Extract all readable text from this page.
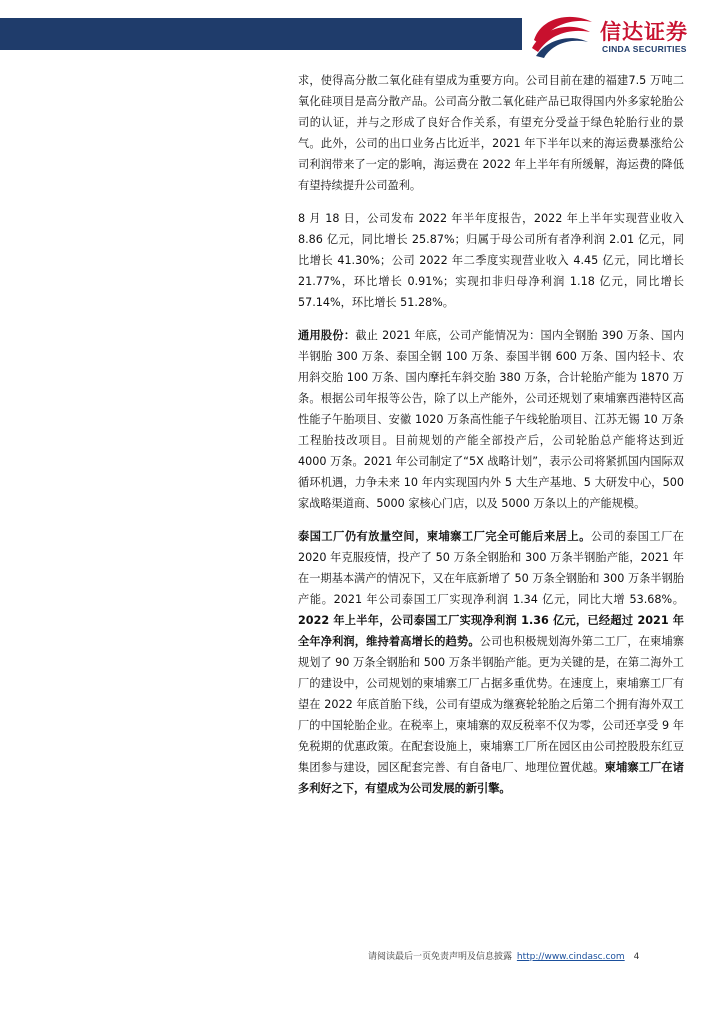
信达证券
CINDA SECURITIES

求，使得高分散二氧化硅有望成为重要方向。公司目前在建的福建7.5 万吨二氧化硅项目是高分散产品。公司高分散二氧化硅产品已取得国内外多家轮胎公司的认证，并与之形成了良好合作关系，有望充分受益于绿色轮胎行业的景气。此外，公司的出口业务占比近半，2021 年下半年以来的海运费暴涨给公司利润带来了一定的影响，海运费在 2022 年上半年有所缓解，海运费的降低有望持续提升公司盈利。

8 月 18 日，公司发布 2022 年半年度报告，2022 年上半年实现营业收入 8.86 亿元，同比增长 25.87%；归属于母公司所有者净利润 2.01 亿元，同比增长 41.30%；公司 2022 年二季度实现营业收入 4.45 亿元，同比增长 21.77%，环比增长 0.91%；实现扣非归母净利润 1.18 亿元，同比增长 57.14%，环比增长 51.28%。

通用股份：截止 2021 年底，公司产能情况为：国内全钢胎 390 万条、国内半钢胎 300 万条、泰国全钢 100 万条、泰国半钢 600 万条、国内轻卡、农用斜交胎 100 万条、国内摩托车斜交胎 380 万条，合计轮胎产能为 1870 万条。根据公司年报等公告，除了以上产能外，公司还规划了柬埔寨西港特区高性能子午胎项目、安徽 1020 万条高性能子午线轮胎项目、江苏无锡 10 万条工程胎技改项目。目前规划的产能全部投产后，公司轮胎总产能将达到近 4000 万条。2021 年公司制定了“5X 战略计划”，表示公司将紧抓国内国际双循环机遇，力争未来 10 年内实现国内外 5 大生产基地、5 大研发中心，500 家战略渠道商、5000 家核心门店，以及 5000 万条以上的产能规模。

泰国工厂仍有放量空间，柬埔寨工厂完全可能后来居上。公司的泰国工厂在 2020 年克服疫情，投产了 50 万条全钢胎和 300 万条半钢胎产能，2021 年在一期基本满产的情况下，又在年底新增了 50 万条全钢胎和 300 万条半钢胎产能。2021 年公司泰国工厂实现净利润 1.34 亿元，同比大增 53.68%。2022 年上半年，公司泰国工厂实现净利润 1.36 亿元，已经超过 2021 年全年净利润，维持着高增长的趋势。公司也积极规划海外第二工厂，在柬埔寨规划了 90 万条全钢胎和 500 万条半钢胎产能。更为关键的是，在第二海外工厂的建设中，公司规划的柬埔寨工厂占据多重优势。在速度上，柬埔寨工厂有望在 2022 年底首胎下线，公司有望成为继赛轮轮胎之后第二个拥有海外双工厂的中国轮胎企业。在税率上，柬埔寨的双反税率不仅为零，公司还享受 9 年免税期的优惠政策。在配套设施上，柬埔寨工厂所在园区由公司控股股东红豆集团参与建设，园区配套完善、有自备电厂、地理位置优越。柬埔寨工厂在诸多利好之下，有望成为公司发展的新引擎。

请阅读最后一页免责声明及信息披露 http://www.cindasc.com 4
